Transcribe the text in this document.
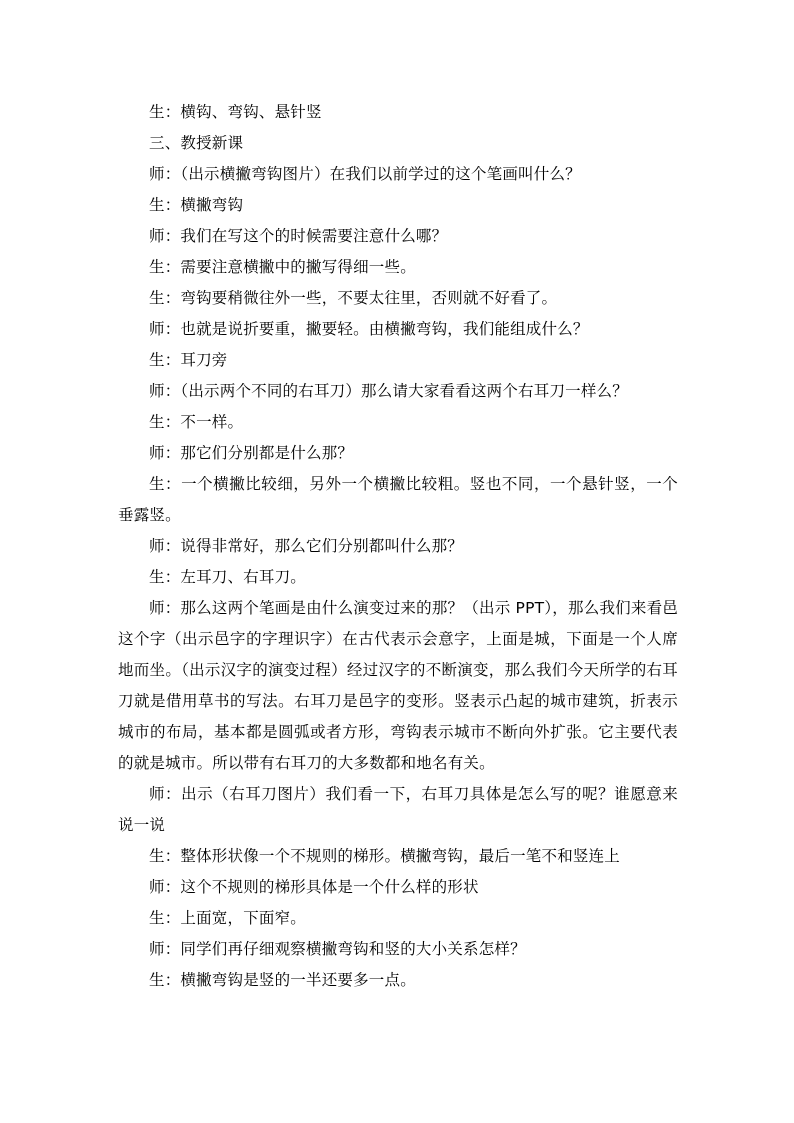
生：横钩、弯钩、悬针竖

三、教授新课

师：（出示横撇弯钩图片）在我们以前学过的这个笔画叫什么？

生：横撇弯钩

师：我们在写这个的时候需要注意什么哪？

生：需要注意横撇中的撇写得细一些。

生：弯钩要稍微往外一些，不要太往里，否则就不好看了。

师：也就是说折要重，撇要轻。由横撇弯钩，我们能组成什么？

生：耳刀旁

师：（出示两个不同的右耳刀）那么请大家看看这两个右耳刀一样么？

生：不一样。

师：那它们分别都是什么那？

生：一个横撇比较细，另外一个横撇比较粗。竖也不同，一个悬针竖，一个垂露竖。

师：说得非常好，那么它们分别都叫什么那？

生：左耳刀、右耳刀。

师：那么这两个笔画是由什么演变过来的那？（出示 PPT），那么我们来看邑这个字（出示邑字的字理识字）在古代表示会意字，上面是城，下面是一个人席地而坐。（出示汉字的演变过程）经过汉字的不断演变，那么我们今天所学的右耳刀就是借用草书的写法。右耳刀是邑字的变形。竖表示凸起的城市建筑，折表示城市的布局，基本都是圆弧或者方形，弯钩表示城市不断向外扩张。它主要代表的就是城市。所以带有右耳刀的大多数都和地名有关。

师：出示（右耳刀图片）我们看一下，右耳刀具体是怎么写的呢？谁愿意来说一说

生：整体形状像一个不规则的梯形。横撇弯钩，最后一笔不和竖连上

师：这个不规则的梯形具体是一个什么样的形状

生：上面宽，下面窄。

师：同学们再仔细观察横撇弯钩和竖的大小关系怎样？

生：横撇弯钩是竖的一半还要多一点。
